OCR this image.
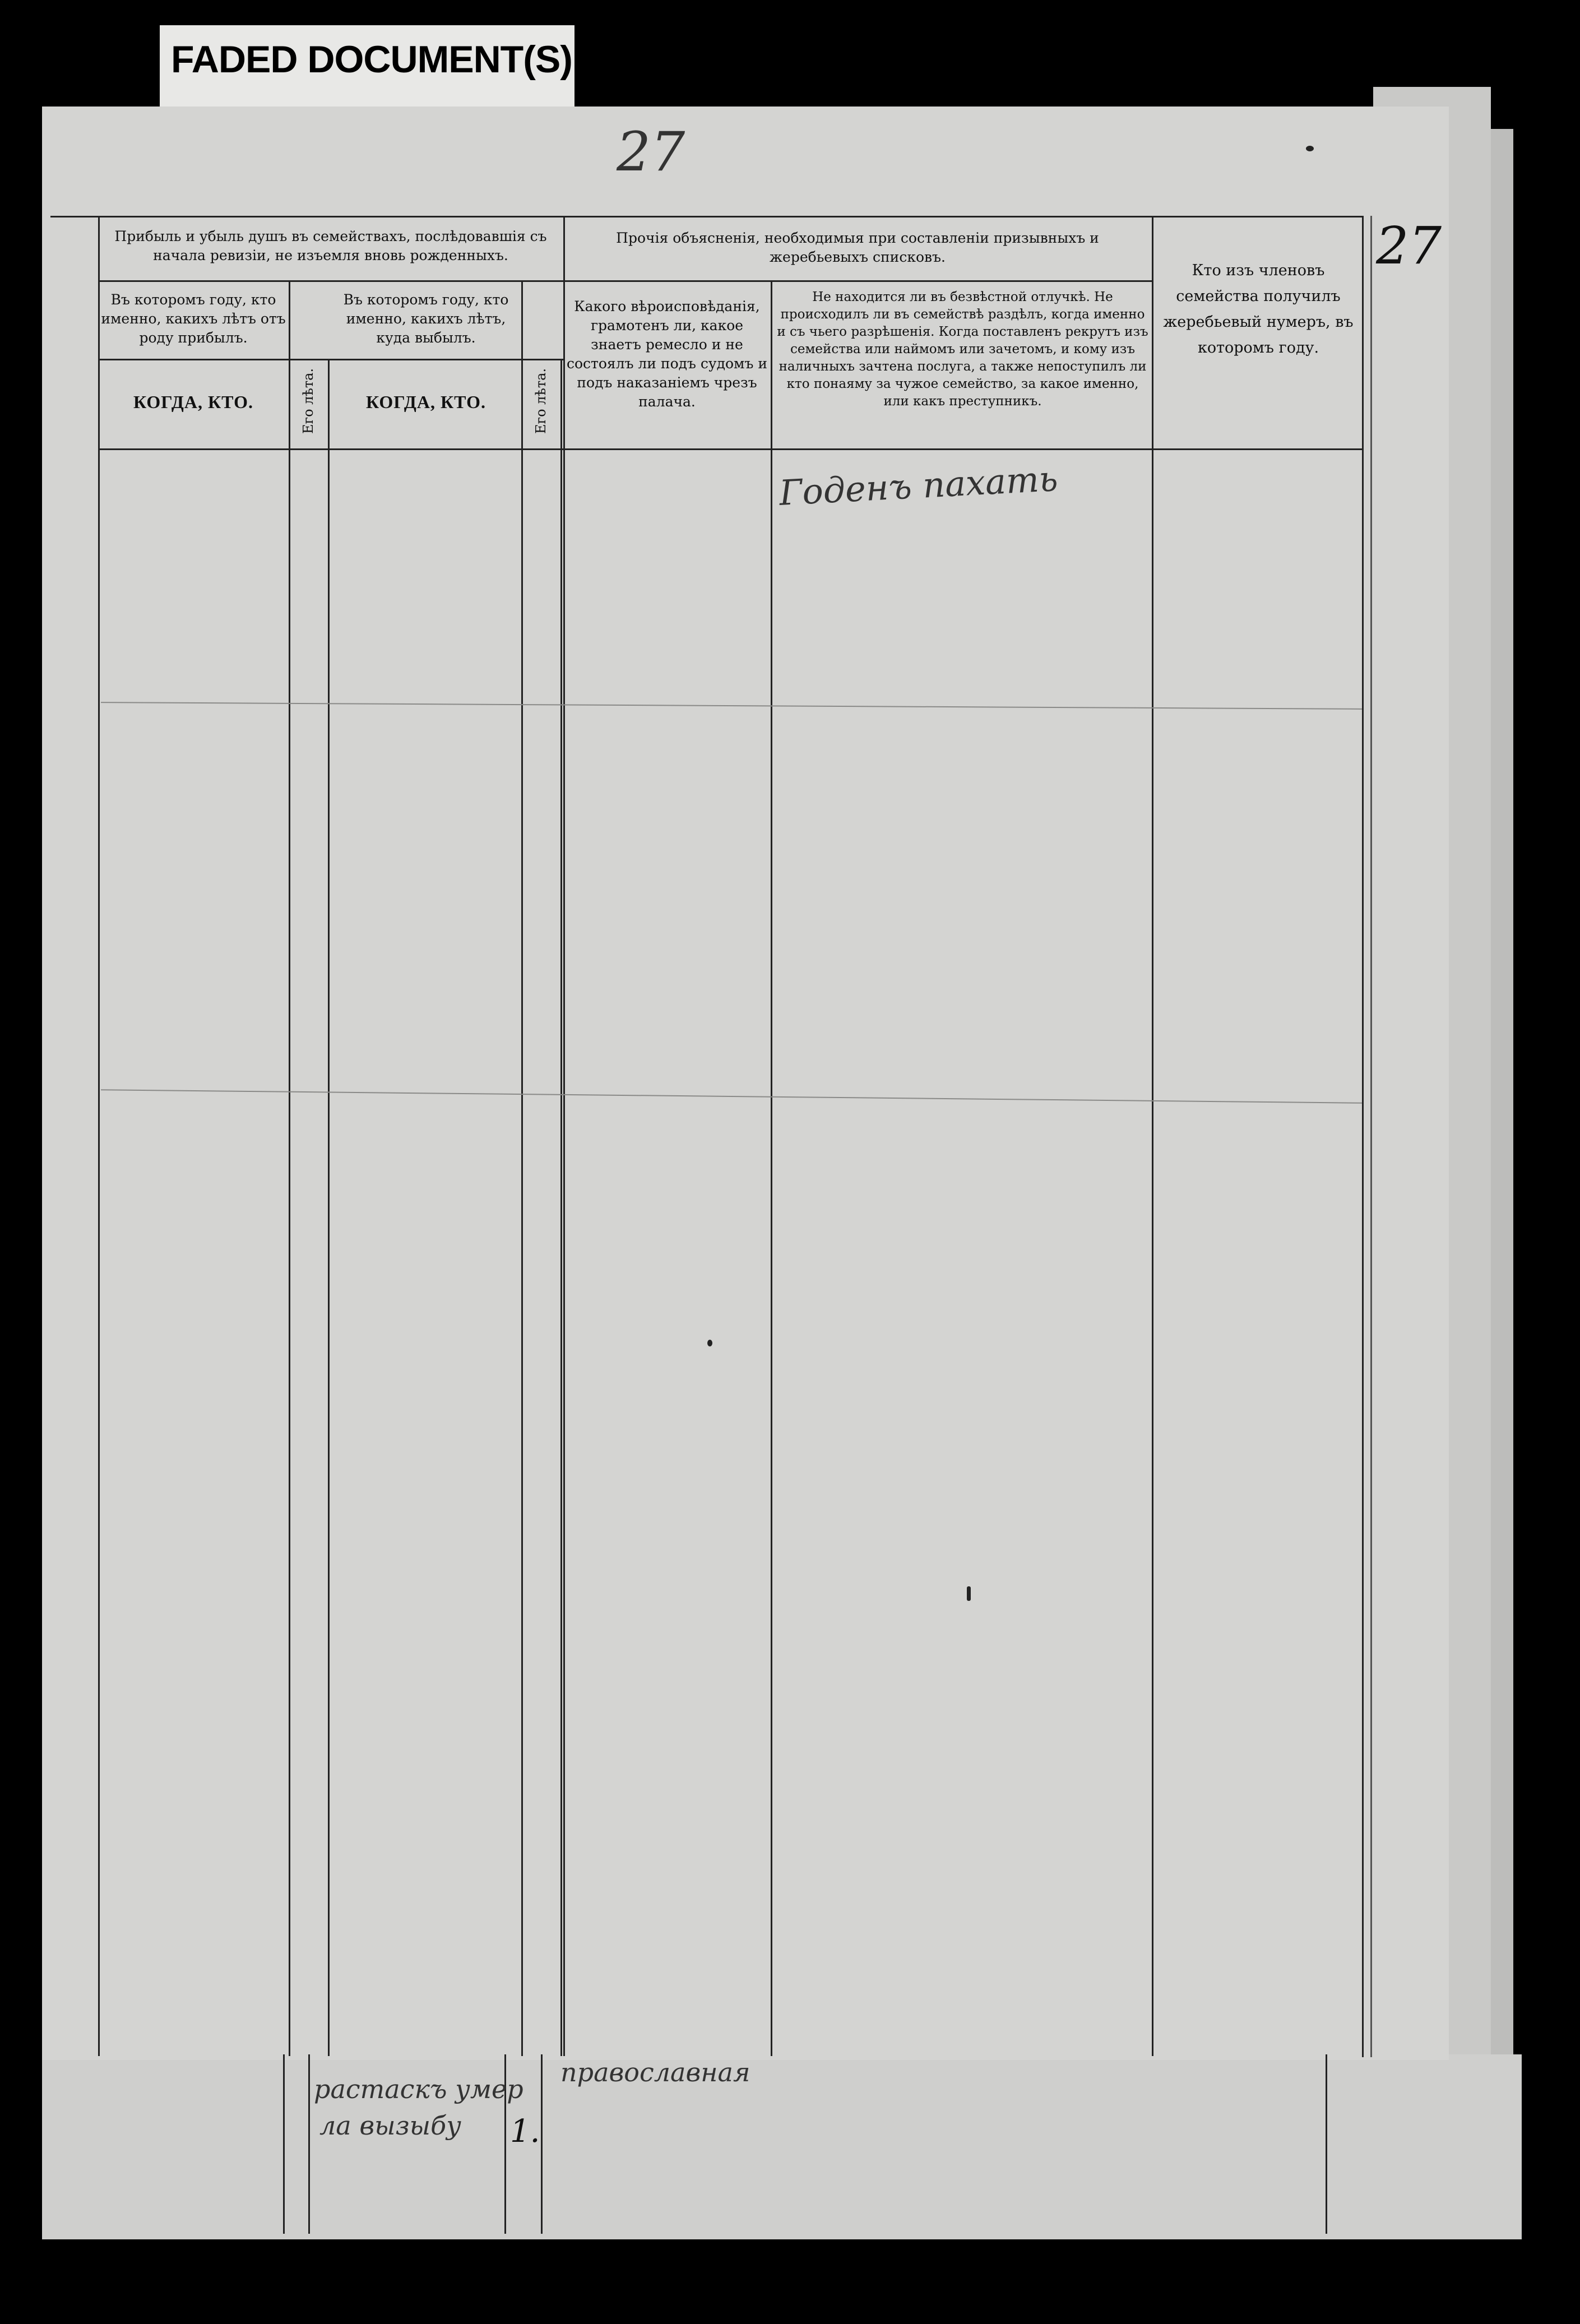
FADED DOCUMENT(S)
27
27
Прибыль и убыль душъ въ семействахъ, послѣдовавшія съ начала ревизіи, не изъемля вновь рожденныхъ.
Въ которомъ году, кто именно, какихъ лѣтъ отъ роду прибылъ.
Въ которомъ году, кто именно, какихъ лѣтъ, куда выбылъ.
КОГДА, КТО.	КОГДА, КТО.
Его лѣта.	Его лѣта.
Прочія объясненія, необходимыя при составленіи призывныхъ и жеребьевыхъ списковъ.
Какого вѣроисповѣданія, грамотенъ ли, какое знаетъ ремесло и не состоялъ ли подъ судомъ и подъ наказаніемъ чрезъ палача.
Не находится ли въ безвѣстной отлучкѣ. Не происходилъ ли въ семействѣ раздѣлъ, когда именно и съ чьего разрѣшенія. Когда поставленъ рекрутъ изъ семейства или наймомъ или зачетомъ, и кому изъ наличныхъ зачтена послуга, а также непоступилъ ли кто понаяму за чужое семейство, за какое именно, или какъ преступникъ.
Кто изъ членовъ семейства получилъ жеребьевый нумеръ, въ которомъ году.
Годенъ пахать
растаскъ умер
ла вызыбу 1.
православная
